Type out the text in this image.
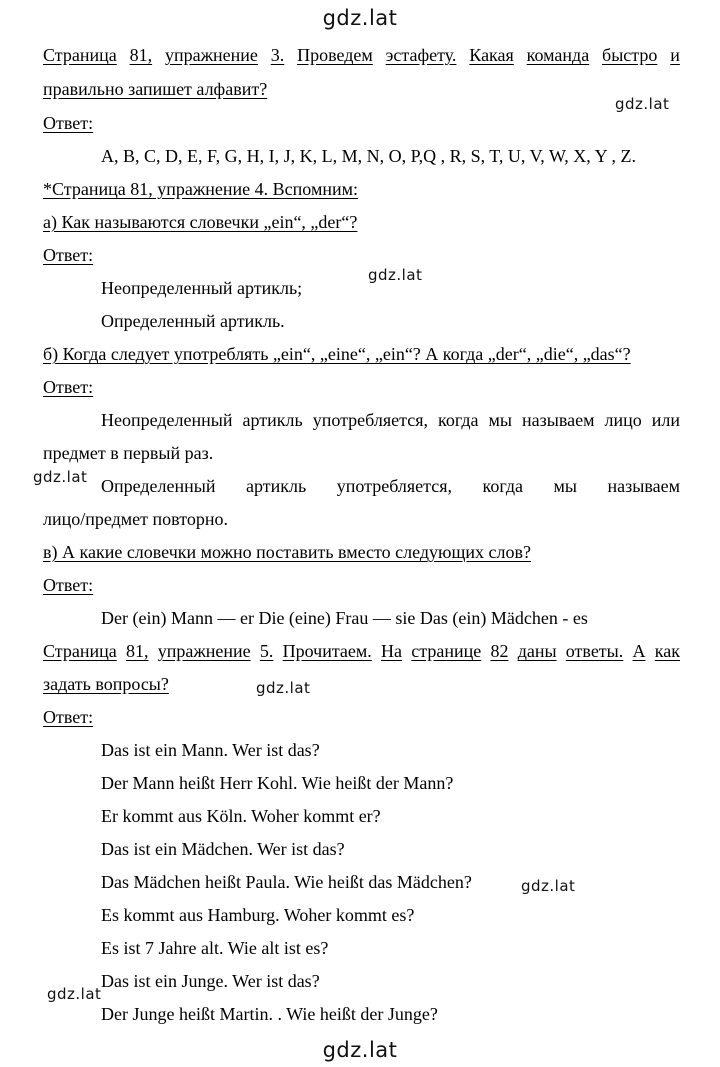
gdz.lat
gdz.lat
gdz.lat
gdz.lat
gdz.lat
gdz.lat
gdz.lat
gdz.lat
Страница 81, упражнение 3. Проведем эстафету. Какая команда быстро и
правильно запишет алфавит?
Ответ:
A, B, C, D, E, F, G, H, I, J, K, L, M, N, O, P,Q , R, S, T, U, V, W, X, Y , Z.
*Страница 81, упражнение 4. Вспомним:
а) Как называются словечки „ein“, „der“?
Ответ:
Неопределенный артикль;
Определенный артикль.
б) Когда следует употреблять „ein“, „eine“, „ein“? А когда „der“, „die“, „das“?
Ответ:
Неопределенный артикль употребляется, когда мы называем лицо или
предмет в первый раз.
Определенный артикль употребляется, когда мы называем
лицо/предмет повторно.
в) А какие словечки можно поставить вместо следующих слов?
Ответ:
Der (ein) Mann — er Die (eine) Frau — sie Das (ein) Mädchen - es
Страница 81, упражнение 5. Прочитаем. На странице 82 даны ответы. А как
задать вопросы?
Ответ:
Das ist ein Mann. Wer ist das?
Der Mann heißt Herr Kohl. Wie heißt der Mann?
Er kommt aus Köln. Woher kommt er?
Das ist ein Mädchen. Wer ist das?
Das Mädchen heißt Paula. Wie heißt das Mädchen?
Es kommt aus Hamburg. Woher kommt es?
Es ist 7 Jahre alt. Wie alt ist es?
Das ist ein Junge. Wer ist das?
Der Junge heißt Martin. . Wie heißt der Junge?
